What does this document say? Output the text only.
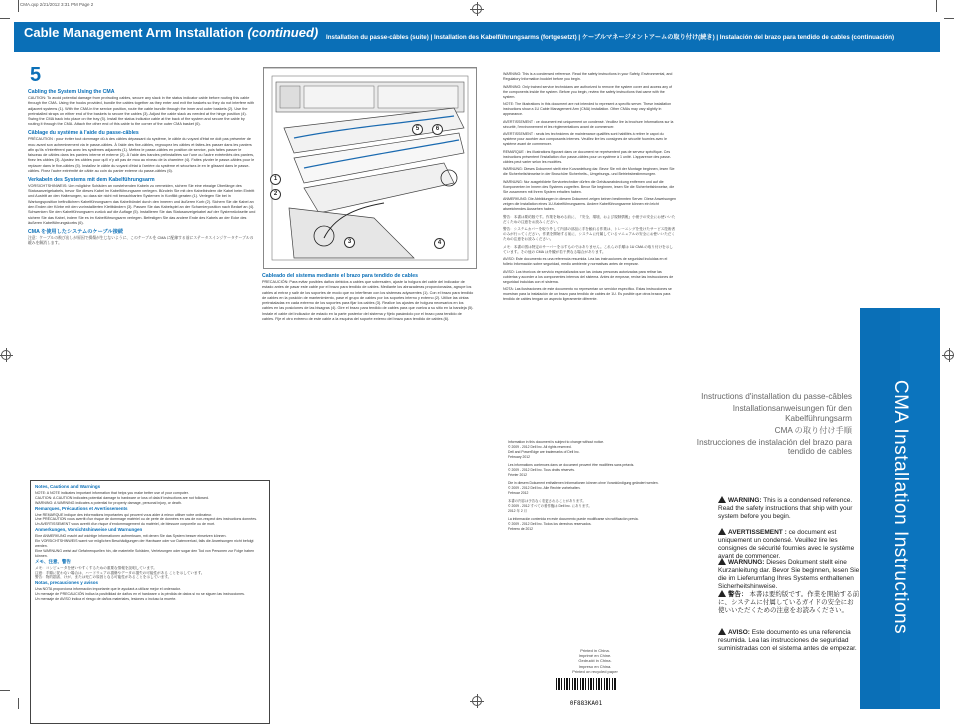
CMA.qxp 2/21/2012 3:31 PM Page 2
Cable Management Arm Installation (continued) Installation du passe-câbles (suite) | Installation des Kabelführungsarms (fortgesetzt) | ケーブルマネージメントアームの取り付け(続き) | Instalación del brazo para tendido de cables (continuación)
5
Cabling the System Using the CMA

CAUTION: To avoid potential damage from protruding cables, secure any slack in the status indicator cable before routing this cable through the CMA. Using the hooks provided, bundle the cables together as they enter and exit the baskets so they do not interfere with adjacent systems (1). With the CMA in the service position, route the cable bundle through the inner and outer baskets (2). Use the preinstalled straps on either end of the baskets to secure the cables (3). Adjust the cable slack as needed at the hinge position (4). Swing the CMA back into place on the tray (5). Install the status indicator cable at the back of the system and secure the cable by routing it through the CMA. Attach the other end of this cable to the corner of the outer CMA basket (6).

Câblage du système à l'aide du passe-câbles

PRÉCAUTION : pour éviter tout dommage dû à des câbles dépassant du système, le câble du voyant d'état ne doit pas présenter de mou avant son acheminement via le passe-câbles. À l'aide des fixe-câbles, regroupez les câbles et faites-les passer dans les paniers afin qu'ils n'interfèrent pas avec les systèmes adjacents (1). Mettez le passe-câbles en position de service, puis faites passer le faisceau de câbles dans les paniers interne et externe (2). À l'aide des bandes préinstallées sur l'une ou l'autre extrémités des paniers, fixez les câbles (3). Ajustez les câbles pour qu'il n'y ait pas de mou au niveau de la charnière (4). Faites pivoter le passe-câbles pour le replacer dans le fixe-câbles (5). Installez le câble du voyant d'état à l'arrière du système et sécurisez-le en le glissant dans le passe-câbles. Fixez l'autre extrémité de câble au coin du panier externe du passe-câbles (6).

Verkabeln des Systems mit dem Kabelführungsarm

VORSICHTSHINWEIS: Um mögliche Schäden an vorstehenden Kabeln zu vermeiden, sichern Sie eine etwaige Überlänge des Statusanzeigekabels, bevor Sie dieses Kabel im Kabelführungsarm verlegen. Bündeln Sie mit den Kabelbindern die Kabel beim Eintritt und Austritt an den Halterungen, so dass sie nicht mit benachbarten Systemen in Konflikt geraten (1). Verlegen Sie bei in Wartungsposition befindlichem Kabelführungsarm das Kabelbündel durch den inneren und äußeren Korb (2). Sichern Sie die Kabel an den Enden der Körbe mit den vorinstallierten Klettbändern (3). Passen Sie das Kabelspiel an der Scharnierposition nach Bedarf an (4). Schwenken Sie den Kabelführungsarm zurück auf die Auflage (5). Installieren Sie das Statusanzeigekabel auf der Systemrückseite und sichern Sie das Kabel, indem Sie es im Kabelführungsarm verlegen. Befestigen Sie das andere Ende des Kabels an der Ecke des äußeren Kabelführungskorbs (6).

CMA を使用したシステムのケーブル接続

注意：ケーブルの飛び出しが原因で損傷が生じないように、このケーブルを CMA に配線する前にステータスインジケータケーブルの緩みを解消します。

Notes, Cautions and Warnings
NOTE: A NOTE indicates important information that helps you make better use of your computer.
CAUTION: A CAUTION indicates potential damage to hardware or loss of data if instructions are not followed.
WARNING: A WARNING indicates a potential for property damage, personal injury, or death.
Remarques, Précautions et Avertissements
Une REMARQUE indique des informations importantes qui peuvent vous aider à mieux utiliser votre ordinateur.
Une PRÉCAUTION vous avertit d'un risque de dommage matériel ou de perte de données en cas de non-respect des instructions données.
Un AVERTISSEMENT vous avertit d'un risque d'endommagement du matériel, de blessure corporelle ou de mort.
Anmerkungen, Vorsichtshinweise und Warnungen
Eine ANMERKUNG macht auf wichtige Informationen aufmerksam, mit denen Sie das System besser einsetzen können.
Ein VORSICHTSHINWEIS warnt vor möglichen Beschädigungen der Hardware oder vor Datenverlust, falls die Anweisungen nicht befolgt werden.
Eine WARNUNG weist auf Gefahrenquellen hin, die materielle Schäden, Verletzungen oder sogar den Tod von Personen zur Folge haben können.
メモ、注意、警告
メモ：コンピュータを使いやすくするための重要な情報を説明しています。
注意：手順に従わない場合は、ハードウェアの損傷やデータの損失の可能性がある ことを示しています。
警告：物的損害、けが、または死亡の原因となる可能性があることを示しています。
Notas, precauciones y avisos
Una NOTA proporciona información importante que le ayudará a utilizar mejor el ordenador.
Un mensaje de PRECAUCIÓN indica la posibilidad de daños en el hardware o la pérdida de datos si no se siguen las instrucciones.
Un mensaje de AVISO indica el riesgo de daños materiales, lesiones o incluso la muerte.
1
2
3	4
5	6
Cableado del sistema mediante el brazo para tendido de cables

PRECAUCIÓN: Para evitar posibles daños debidos a cables que sobresalen, ajuste la holgura del cable del indicador de estado antes de pasar este cable por el brazo para tendido de cables. Mediante los abrazaderas proporcionadas, agrupe los cables al entrar y salir de los soportes de modo que no interfieran con los sistemas adyacentes (1). Con el brazo para tendido de cables en la posición de mantenimiento, pase el grupo de cables por los soportes interno y externo (2). Utilice las cintas preinstaladas en cada extremo de los soportes para fijar los cables (3). Realice los ajustes de holgura necesarios en los cables en las posiciones de las bisagras (4). Gire el brazo para tendido de cables para que vuelva a su sitio en la bandeja (5). Instale el cable del indicador de estado en la parte posterior del sistema y fíjelo pasándolo por el brazo para tendido de cables. Fije el otro extremo de este cable a la esquina del soporte externo del brazo para tendido de cables (6).

WARNING: This is a condensed reference. Read the safety instructions in your Safety, Environmental, and Regulatory Information booklet before you begin.

WARNING: Only trained service technicians are authorized to remove the system cover and access any of the components inside the system. Before you begin, review the safety instructions that came with the system.

NOTE: The illustrations in this document are not intended to represent a specific server. These installation instructions show a 1U Cable Management Arm (CMA) installation. Other CMAs may vary slightly in appearance.

AVERTISSEMENT : ce document est uniquement un condensé. Veuillez lire la brochure Informations sur la sécurité, l'environnement et les réglementations avant de commencer.

AVERTISSEMENT : seuls les techniciens de maintenance qualifiés sont habilités à retirer le capot du système pour accéder aux composants internes. Veuillez lire les consignes de sécurité fournies avec le système avant de commencer.

REMARQUE : les illustrations figurant dans ce document ne représentent pas de serveur spécifique. Ces instructions présentent l'installation d'un passe-câbles pour un système à 1 unité. L'apparence des passe-câbles peut varier selon les modèles.

WARNUNG: Dieses Dokument stellt eine Kurzanleitung dar. Bevor Sie mit der Montage beginnen, lesen Sie die Sicherheitshinweise in der Broschüre Sicherheits-, Umgebungs- und Betriebsbestimmungen.

WARNUNG: Nur ausgebildete Servicetechniker dürfen die Gehäuseabdeckung entfernen und auf die Komponenten im Innern des Systems zugreifen. Bevor Sie beginnen, lesen Sie die Sicherheitshinweise, die Sie zusammen mit Ihrem System erhalten haben.

ANMERKUNG: Die Abbildungen in diesem Dokument zeigen keinen bestimmten Server. Diese Anweisungen zeigen die Installation eines 1U-Kabelführungsarms. Andere Kabelführungsarme können ein leicht abweichendes Aussehen haben.

警告：本書は要約版です。作業を始める前に、『安全、環境、および規制情報』小冊子の安全にお使いいただくための注意をお読みください。

警告：システムカバーを取り外して内部の部品に手を触れる作業は、トレーニングを受けたサービス技術者のみが行ってください。作業を開始する前に、システムに付属しているマニュアルの安全にお使いいただくための注意をお読みください。

メモ：本書の図は特定のサーバーを示すものではありません。これらの手順は 1U CMA の取り付けを示しています。その他の CMA は外観が若干異なる場合があります。

AVISO: Este documento es una referencia resumida. Lea las instrucciones de seguridad incluidas en el folleto Información sobre seguridad, medio ambiente y normativas antes de empezar.

AVISO: Los técnicos de servicio especializados son las únicas personas autorizadas para retirar las cubiertas y acceder a los componentes internos del sistema. Antes de empezar, revise las instrucciones de seguridad incluidas con el sistema.

NOTA: Las ilustraciones de este documento no representan un servidor específico. Estas instrucciones se muestran para la instalación de un brazo para tendido de cables de 1U. Es posible que otros brazos para tendido de cables tengan un aspecto ligeramente diferente.

Information in this document is subject to change without notice.
© 2009 - 2012 Dell Inc. All rights reserved.
Dell and PowerEdge are trademarks of Dell Inc.
February 2012
Les informations contenues dans ce document peuvent être modifiées sans préavis.
© 2009 - 2012 Dell Inc. Tous droits réservés.
Février 2012
Die in diesem Dokument enthaltenen Informationen können ohne Vorankündigung geändert werden.
© 2009 - 2012 Dell Inc. Alle Rechte vorbehalten.
Februar 2012
本書の内容は予告なく変更されることがあります。
© 2009 - 2012 すべての著作権は Dell Inc. にあります。
2012 年 2 月
La información contenida en este documento puede modificarse sin notificación previa.
© 2009 - 2012 Dell Inc. Todos los derechos reservados.
Febrero de 2012
Printed in China.
Imprimé en Chine.
Gedruckt in China.
Impreso en China.
Printed on recycled paper
0F883KA01
CMA Installation Instructions
Instructions d'installation du passe-câbles
Installationsanweisungen für den Kabelführungsarm
CMA の取り付け手順
Instrucciones de instalación del brazo para tendido de cables
WARNING: This is a condensed reference. Read the safety instructions that ship with your system before you begin.
AVERTISSEMENT : ce document est uniquement un condensé. Veuillez lire les consignes de sécurité fournies avec le système avant de commencer.
WARNUNG: Dieses Dokument stellt eine Kurzanleitung dar. Bevor Sie beginnen, lesen Sie die im Lieferumfang Ihres Systems enthaltenen Sicherheitshinweise.
警告： 本書は要約版です。作業を開始する前に、システムに付属しているガイドの安全にお使いいただくための注意をお読みください。
AVISO: Este documento es una referencia resumida. Lea las instrucciones de seguridad suministradas con el sistema antes de empezar.
